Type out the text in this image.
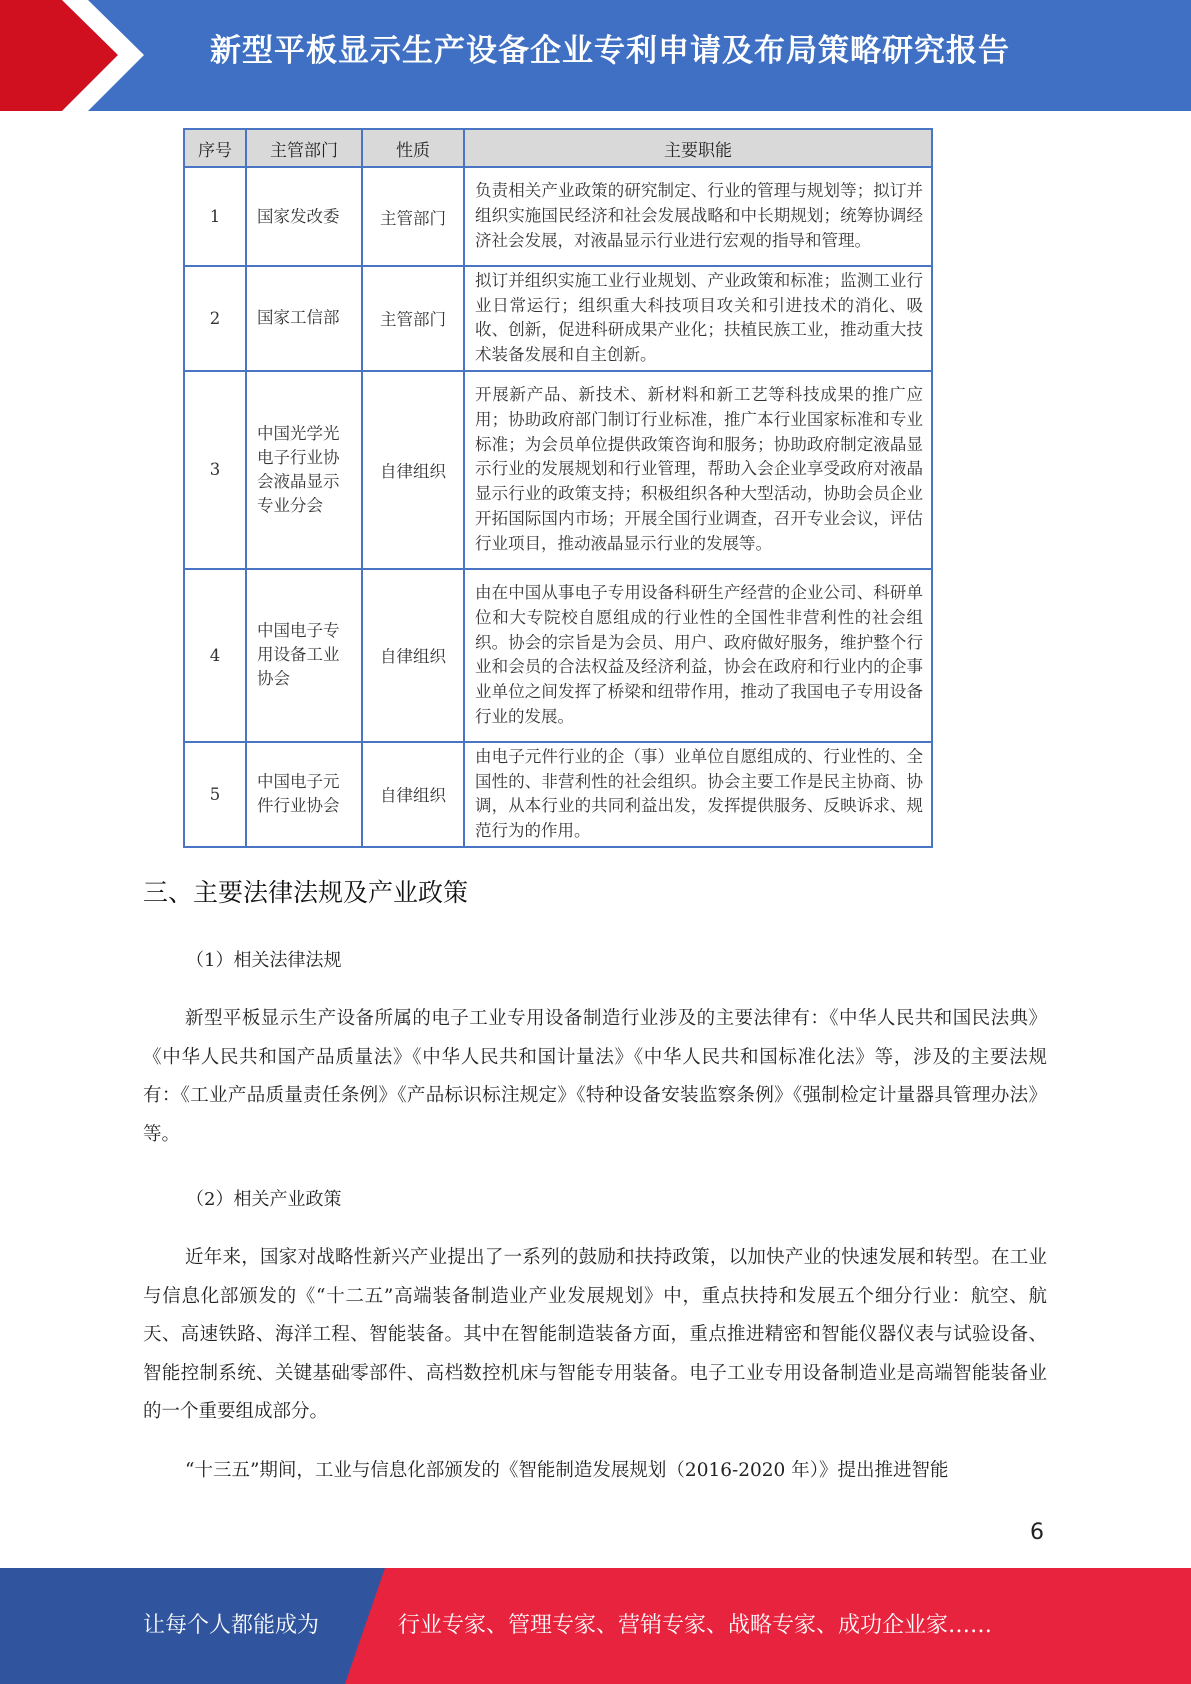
新型平板显示生产设备企业专利申请及布局策略研究报告
序号	主管部门	性质	主要职能
1	国家发改委	主管部门	负责相关产业政策的研究制定、行业的管理与规划等；拟订并组织实施国民经济和社会发展战略和中长期规划；统筹协调经济社会发展，对液晶显示行业进行宏观的指导和管理。
2	国家工信部	主管部门	拟订并组织实施工业行业规划、产业政策和标准；监测工业行业日常运行；组织重大科技项目攻关和引进技术的消化、吸收、创新，促进科研成果产业化；扶植民族工业，推动重大技术装备发展和自主创新。
3	中国光学光电子行业协会液晶显示专业分会	自律组织	开展新产品、新技术、新材料和新工艺等科技成果的推广应用；协助政府部门制订行业标准，推广本行业国家标准和专业标准；为会员单位提供政策咨询和服务；协助政府制定液晶显示行业的发展规划和行业管理，帮助入会企业享受政府对液晶显示行业的政策支持；积极组织各种大型活动，协助会员企业开拓国际国内市场；开展全国行业调查，召开专业会议，评估行业项目，推动液晶显示行业的发展等。
4	中国电子专用设备工业协会	自律组织	由在中国从事电子专用设备科研生产经营的企业公司、科研单位和大专院校自愿组成的行业性的全国性非营利性的社会组织。协会的宗旨是为会员、用户、政府做好服务，维护整个行业和会员的合法权益及经济利益，协会在政府和行业内的企事业单位之间发挥了桥梁和纽带作用，推动了我国电子专用设备行业的发展。
5	中国电子元件行业协会	自律组织	由电子元件行业的企（事）业单位自愿组成的、行业性的、全国性的、非营利性的社会组织。协会主要工作是民主协商、协调，从本行业的共同利益出发，发挥提供服务、反映诉求、规范行为的作用。
三、主要法律法规及产业政策
（1）相关法律法规
新型平板显示生产设备所属的电子工业专用设备制造行业涉及的主要法律有：《中华人民共和国民法典》《中华人民共和国产品质量法》《中华人民共和国计量法》《中华人民共和国标准化法》等，涉及的主要法规有：《工业产品质量责任条例》《产品标识标注规定》《特种设备安装监察条例》《强制检定计量器具管理办法》等。
（2）相关产业政策
近年来，国家对战略性新兴产业提出了一系列的鼓励和扶持政策，以加快产业的快速发展和转型。在工业与信息化部颁发的《“十二五”高端装备制造业产业发展规划》中，重点扶持和发展五个细分行业：航空、航天、高速铁路、海洋工程、智能装备。其中在智能制造装备方面，重点推进精密和智能仪器仪表与试验设备、智能控制系统、关键基础零部件、高档数控机床与智能专用装备。电子工业专用设备制造业是高端智能装备业的一个重要组成部分。
“十三五”期间，工业与信息化部颁发的《智能制造发展规划（2016-2020 年）》提出推进智能
6
让每个人都能成为	行业专家、管理专家、营销专家、战略专家、成功企业家……
